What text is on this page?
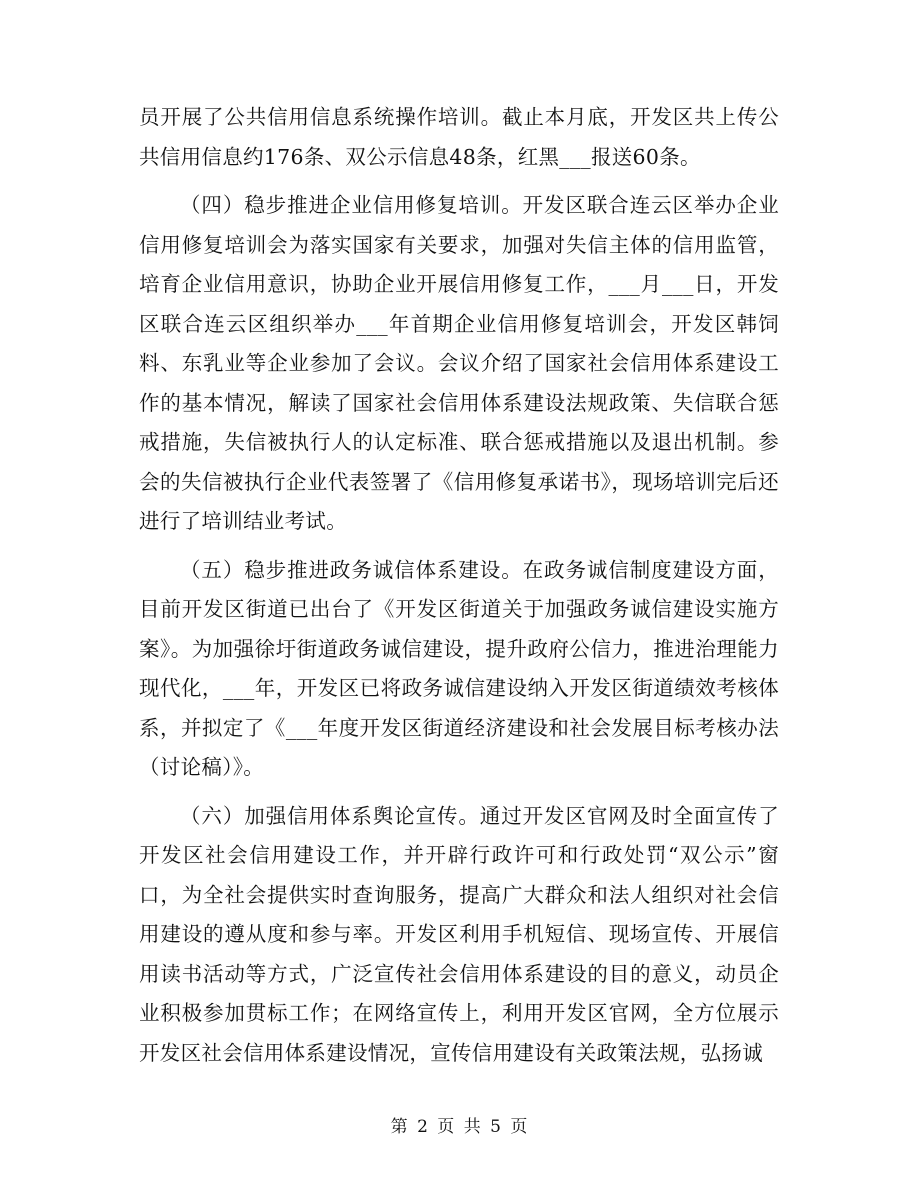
员开展了公共信用信息系统操作培训。截止本月底，开发区共上传公共信用信息约176条、双公示信息48条，红黑___报送60条。

（四）稳步推进企业信用修复培训。开发区联合连云区举办企业信用修复培训会为落实国家有关要求，加强对失信主体的信用监管，培育企业信用意识，协助企业开展信用修复工作，___月___日，开发区联合连云区组织举办___年首期企业信用修复培训会，开发区韩饲料、东乳业等企业参加了会议。会议介绍了国家社会信用体系建设工作的基本情况，解读了国家社会信用体系建设法规政策、失信联合惩戒措施，失信被执行人的认定标准、联合惩戒措施以及退出机制。参会的失信被执行企业代表签署了《信用修复承诺书》，现场培训完后还进行了培训结业考试。

（五）稳步推进政务诚信体系建设。在政务诚信制度建设方面，目前开发区街道已出台了《开发区街道关于加强政务诚信建设实施方案》。为加强徐圩街道政务诚信建设，提升政府公信力，推进治理能力现代化，___年，开发区已将政务诚信建设纳入开发区街道绩效考核体系，并拟定了《___年度开发区街道经济建设和社会发展目标考核办法（讨论稿）》。

（六）加强信用体系舆论宣传。通过开发区官网及时全面宣传了开发区社会信用建设工作，并开辟行政许可和行政处罚“双公示”窗口，为全社会提供实时查询服务，提高广大群众和法人组织对社会信用建设的遵从度和参与率。开发区利用手机短信、现场宣传、开展信用读书活动等方式，广泛宣传社会信用体系建设的目的意义，动员企业积极参加贯标工作；在网络宣传上，利用开发区官网，全方位展示开发区社会信用体系建设情况，宣传信用建设有关政策法规，弘扬诚

第 2 页 共 5 页
